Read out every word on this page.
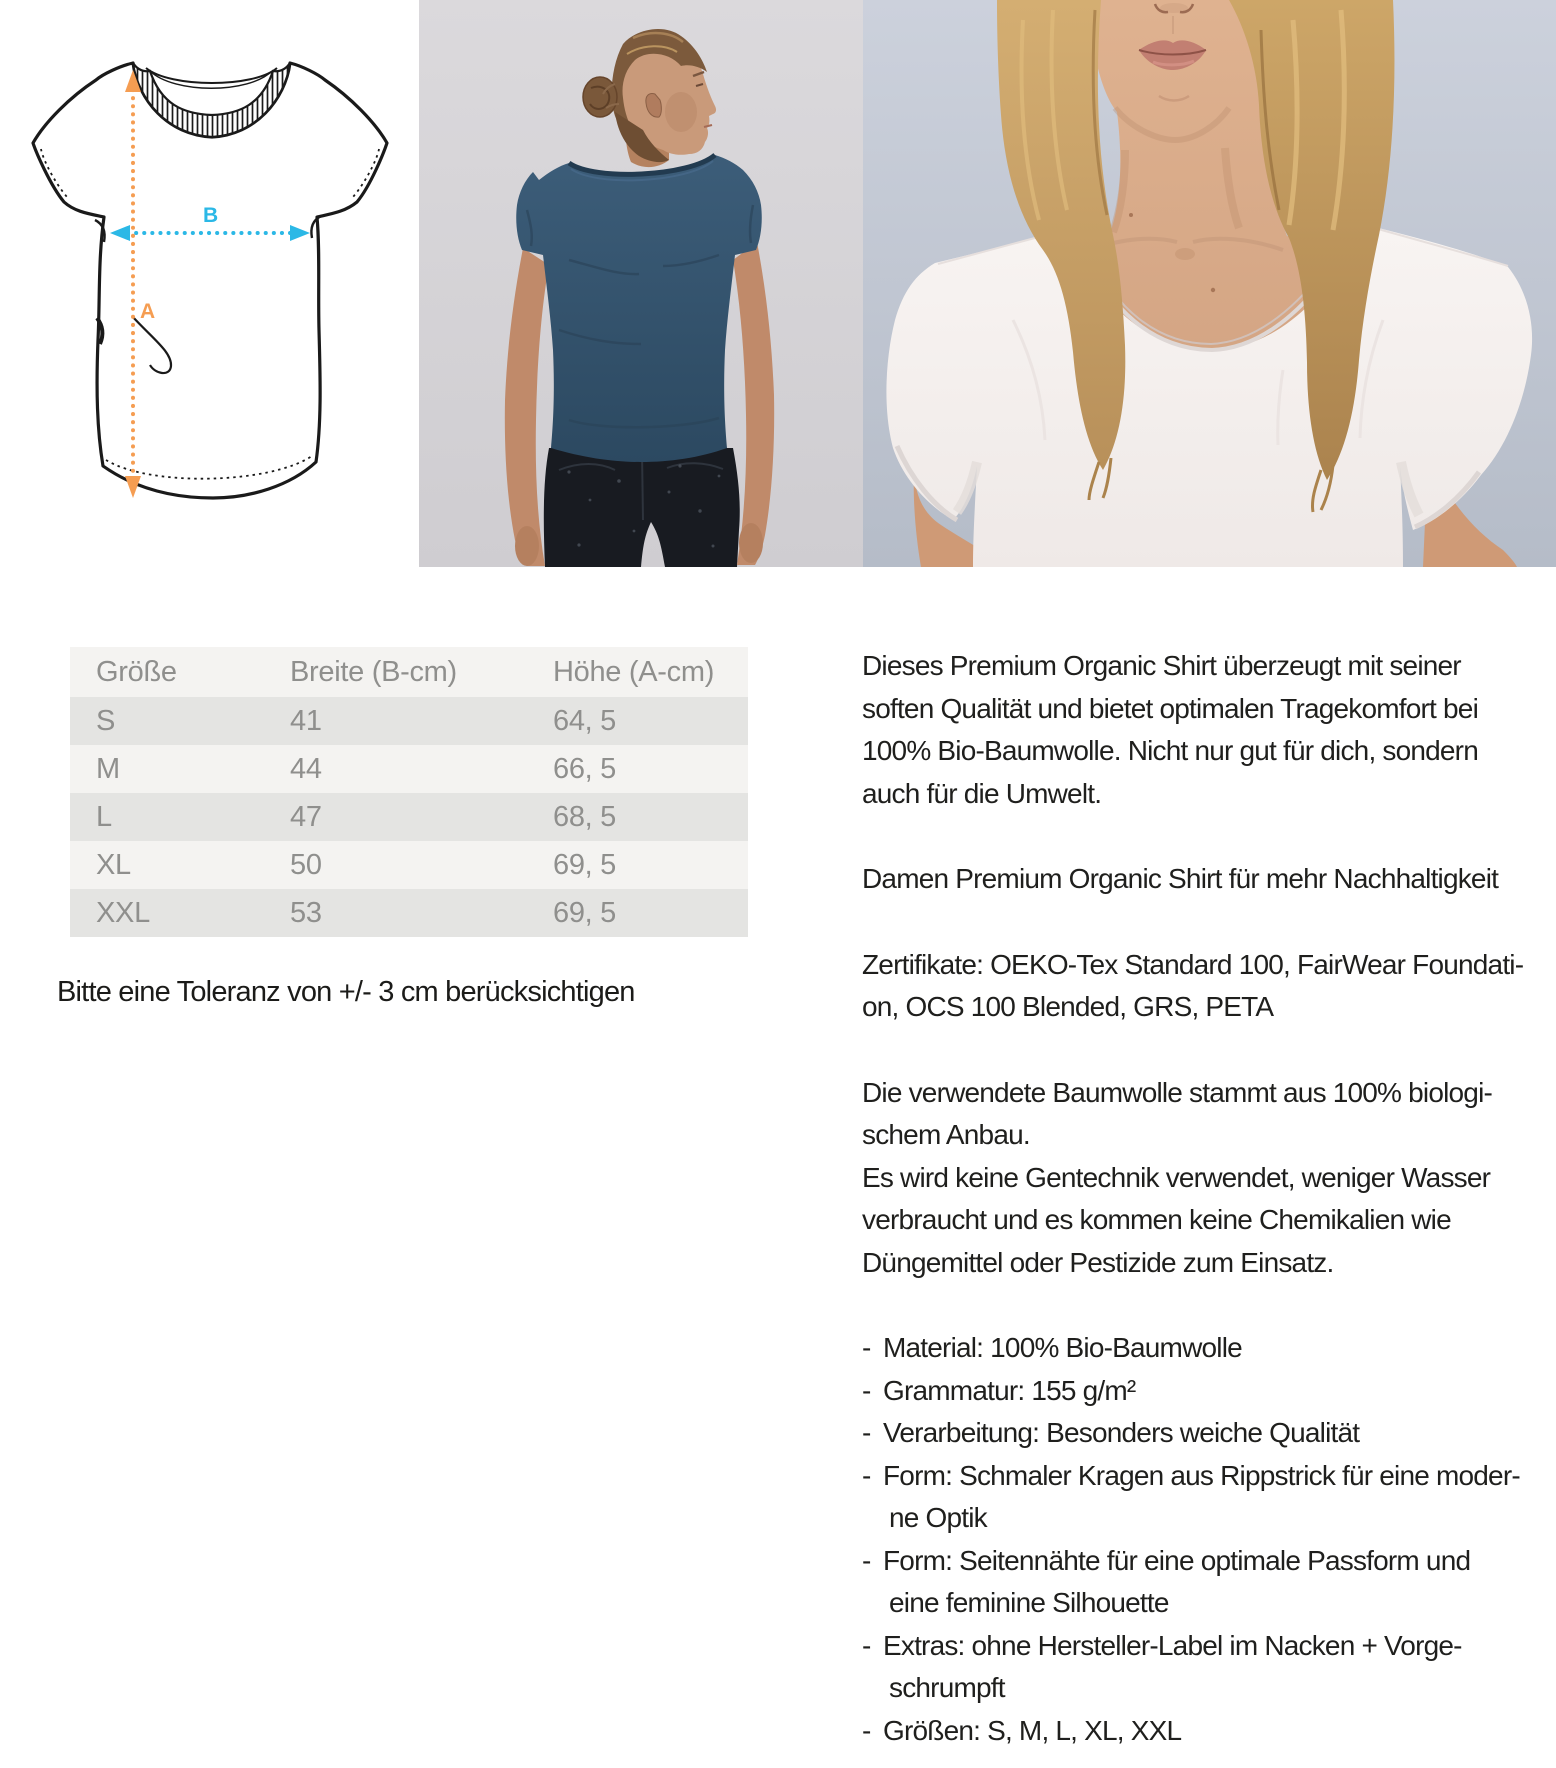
A
B
Größe	Breite (B-cm)	Höhe (A-cm)
S	41	64, 5
M	44	66, 5
L	47	68, 5
XL	50	69, 5
XXL	53	69, 5
Bitte eine Toleranz von +/- 3 cm berücksichtigen
Dieses Premium Organic Shirt überzeugt mit seiner
soften Qualität und bietet optimalen Tragekomfort bei
100% Bio-Baumwolle. Nicht nur gut für dich, sondern
auch für die Umwelt.
Damen Premium Organic Shirt für mehr Nachhaltigkeit
Zertifikate: OEKO-Tex Standard 100, FairWear Foundati-
on, OCS 100 Blended, GRS, PETA
Die verwendete Baumwolle stammt aus 100% biologi-
schem Anbau.
Es wird keine Gentechnik verwendet, weniger Wasser
verbraucht und es kommen keine Chemikalien wie
Düngemittel oder Pestizide zum Einsatz.
- Material: 100% Bio-Baumwolle
- Grammatur: 155 g/m²
- Verarbeitung: Besonders weiche Qualität
- Form: Schmaler Kragen aus Rippstrick für eine moder-
ne Optik
- Form: Seitennähte für eine optimale Passform und
eine feminine Silhouette
- Extras: ohne Hersteller-Label im Nacken + Vorge-
schrumpft
- Größen: S, M, L, XL, XXL
